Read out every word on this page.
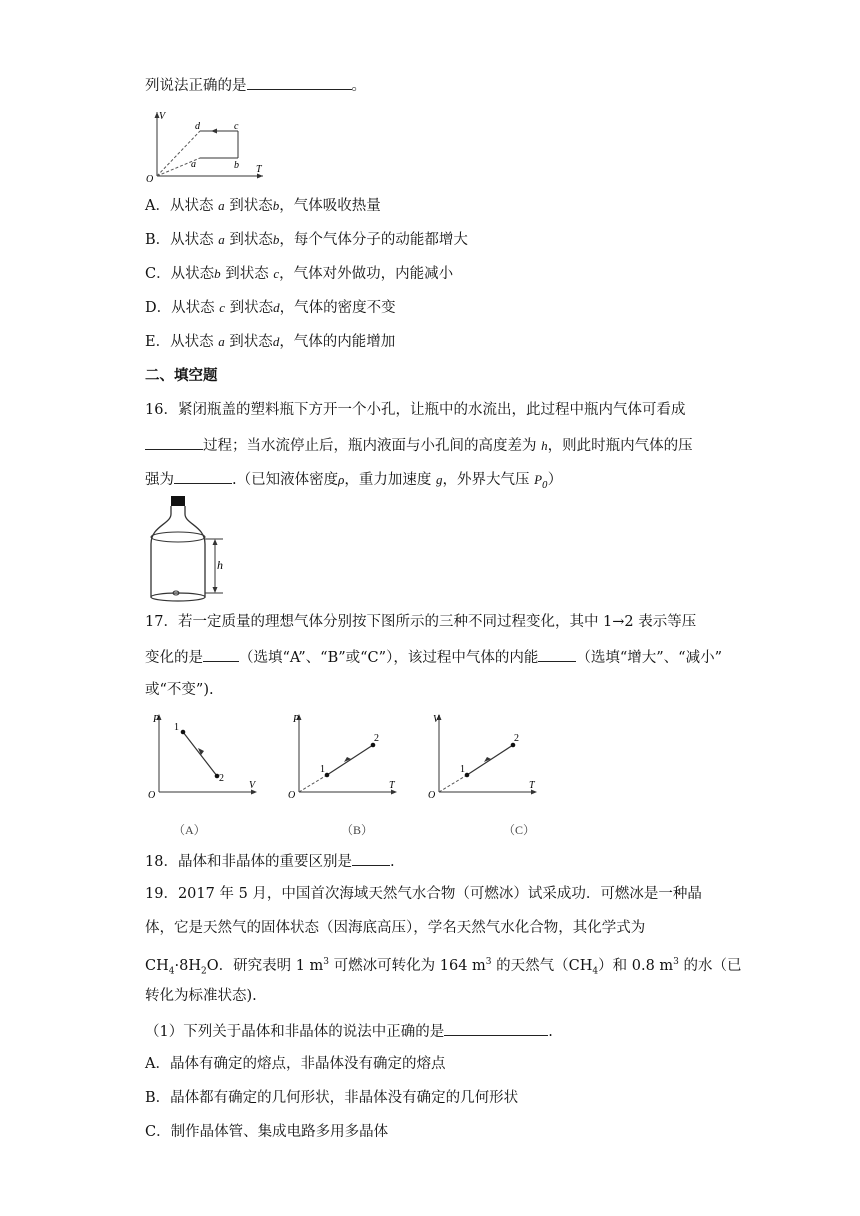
列说法正确的是	。
V
T
O
a	b
c
d
A．从状态 a 到状态b，气体吸收热量
B．从状态 a 到状态b，每个气体分子的动能都增大
C．从状态b 到状态 c，气体对外做功，内能减小
D．从状态 c 到状态d，气体的密度不变
E．从状态 a 到状态d，气体的内能增加
二、填空题
16．紧闭瓶盖的塑料瓶下方开一个小孔，让瓶中的水流出，此过程中瓶内气体可看成
过程；当水流停止后，瓶内液面与小孔间的高度差为 h，则此时瓶内气体的压
强为	.（已知液体密度ρ，重力加速度 g，外界大气压 $P_0$）
h
17．若一定质量的理想气体分别按下图所示的三种不同过程变化，其中 1→2 表示等压
变化的是 （选填“A”、“B”或“C”），该过程中气体的内能	（选填“增大”、“减小”
或“不变”).
P
V
O
1
2
（A）
P
T
O
1
2
（B）
V
T
O
1
2
（C）
18．晶体和非晶体的重要区别是	.
19．2017 年 5 月，中国首次海域天然气水合物（可燃冰）试采成功．可燃冰是一种晶
体，它是天然气的固体状态（因海底高压），学名天然气水化合物，其化学式为
$CH_4\cdot 8H_2O$．研究表明 1 $m^3$ 可燃冰可转化为 164 $m^3$ 的天然气$(CH_4)$和 0.8 $m^3$ 的水（已
转化为标准状态).
（1）下列关于晶体和非晶体的说法中正确的是	.
A．晶体有确定的熔点，非晶体没有确定的熔点
B．晶体都有确定的几何形状，非晶体没有确定的几何形状
C．制作晶体管、集成电路多用多晶体
